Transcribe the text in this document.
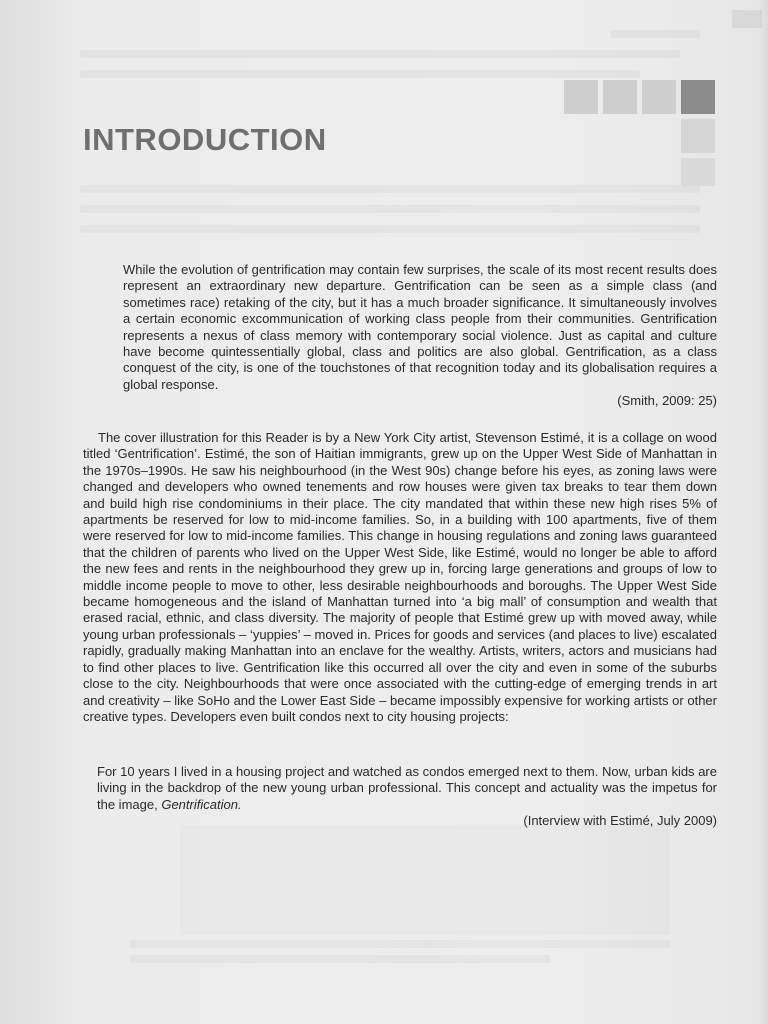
INTRODUCTION

While the evolution of gentrification may contain few surprises, the scale of its most recent results does represent an extraordinary new departure. Gentrification can be seen as a simple class (and sometimes race) retaking of the city, but it has a much broader significance. It simultaneously involves a certain economic excommunication of working class people from their communities. Gentrification represents a nexus of class memory with contemporary social violence. Just as capital and culture have become quintessentially global, class and politics are also global. Gentrification, as a class conquest of the city, is one of the touchstones of that recognition today and its globalisation requires a global response.

(Smith, 2009: 25)

The cover illustration for this Reader is by a New York City artist, Stevenson Estimé, it is a collage on wood titled ‘Gentrification’. Estimé, the son of Haitian immigrants, grew up on the Upper West Side of Manhattan in the 1970s–1990s. He saw his neighbourhood (in the West 90s) change before his eyes, as zoning laws were changed and developers who owned tenements and row houses were given tax breaks to tear them down and build high rise condominiums in their place. The city mandated that within these new high rises 5% of apartments be reserved for low to mid-income families. So, in a building with 100 apartments, five of them were reserved for low to mid-income families. This change in housing regulations and zoning laws guaranteed that the children of parents who lived on the Upper West Side, like Estimé, would no longer be able to afford the new fees and rents in the neighbourhood they grew up in, forcing large generations and groups of low to middle income people to move to other, less desirable neighbourhoods and boroughs. The Upper West Side became homogeneous and the island of Manhattan turned into ‘a big mall’ of consumption and wealth that erased racial, ethnic, and class diversity. The majority of people that Estimé grew up with moved away, while young urban professionals – ‘yuppies’ – moved in. Prices for goods and services (and places to live) escalated rapidly, gradually making Manhattan into an enclave for the wealthy. Artists, writers, actors and musicians had to find other places to live. Gentrification like this occurred all over the city and even in some of the suburbs close to the city. Neighbourhoods that were once associated with the cutting-edge of emerging trends in art and creativity – like SoHo and the Lower East Side – became impossibly expensive for working artists or other creative types. Developers even built condos next to city housing projects:

For 10 years I lived in a housing project and watched as condos emerged next to them. Now, urban kids are living in the backdrop of the new young urban professional. This concept and actuality was the impetus for the image, Gentrification.

(Interview with Estimé, July 2009)
